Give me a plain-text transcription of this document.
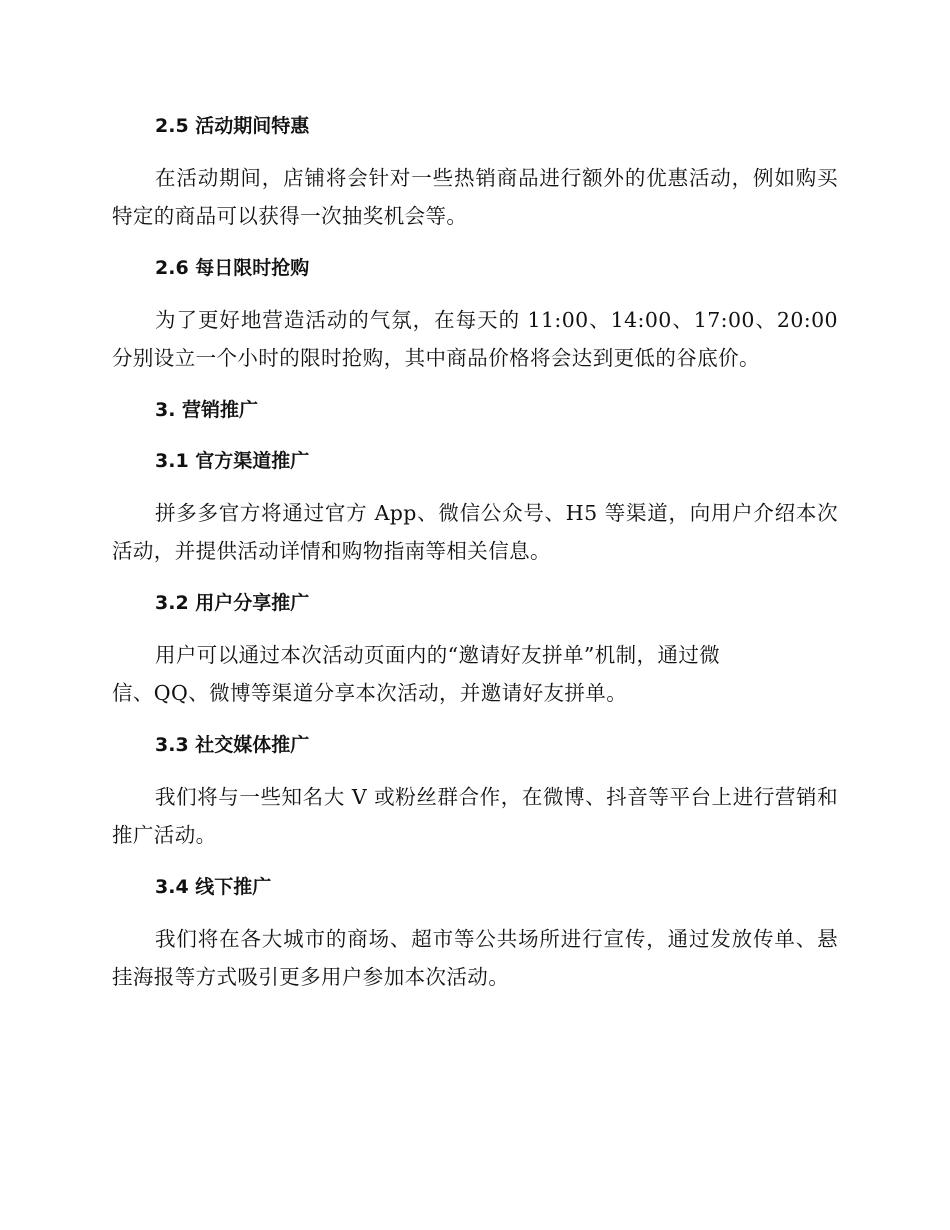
2.5 活动期间特惠

在活动期间，店铺将会针对一些热销商品进行额外的优惠活动，例如购买特定的商品可以获得一次抽奖机会等。

2.6 每日限时抢购

为了更好地营造活动的气氛，在每天的 11:00、14:00、17:00、20:00 分别设立一个小时的限时抢购，其中商品价格将会达到更低的谷底价。

3. 营销推广
3.1 官方渠道推广

拼多多官方将通过官方 App、微信公众号、H5 等渠道，向用户介绍本次活动，并提供活动详情和购物指南等相关信息。

3.2 用户分享推广

用户可以通过本次活动页面内的“邀请好友拼单”机制，通过微
信、QQ、微博等渠道分享本次活动，并邀请好友拼单。

3.3 社交媒体推广

我们将与一些知名大 V 或粉丝群合作，在微博、抖音等平台上进行营销和推广活动。

3.4 线下推广

我们将在各大城市的商场、超市等公共场所进行宣传，通过发放传单、悬挂海报等方式吸引更多用户参加本次活动。
